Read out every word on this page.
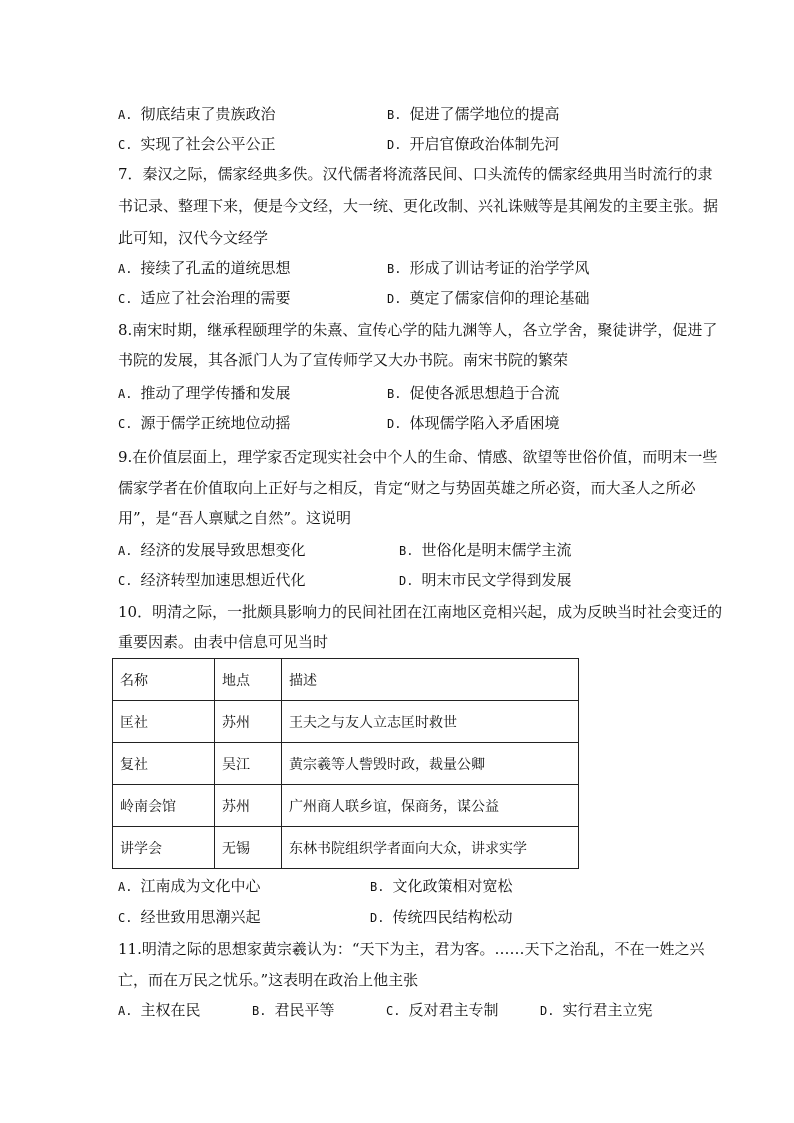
A. 彻底结束了贵族政治	B. 促进了儒学地位的提高
C. 实现了社会公平公正	D. 开启官僚政治体制先河
7．秦汉之际，儒家经典多佚。汉代儒者将流落民间、口头流传的儒家经典用当时流行的隶
书记录、整理下来，便是今文经，大一统、更化改制、兴礼诛贼等是其阐发的主要主张。据
此可知，汉代今文经学
A. 接续了孔孟的道统思想	B. 形成了训诂考证的治学学风
C. 适应了社会治理的需要	D. 奠定了儒家信仰的理论基础
8.南宋时期，继承程颐理学的朱熹、宣传心学的陆九渊等人，各立学舍，聚徒讲学，促进了
书院的发展，其各派门人为了宣传师学又大办书院。南宋书院的繁荣
A. 推动了理学传播和发展	B. 促使各派思想趋于合流
C. 源于儒学正统地位动摇	D. 体现儒学陷入矛盾困境
9.在价值层面上，理学家否定现实社会中个人的生命、情感、欲望等世俗价值，而明末一些
儒家学者在价值取向上正好与之相反，肯定“财之与势固英雄之所必资，而大圣人之所必
用”，是“吾人禀赋之自然”。这说明
A. 经济的发展导致思想变化	B. 世俗化是明末儒学主流
C. 经济转型加速思想近代化	D. 明末市民文学得到发展
10．明清之际，一批颇具影响力的民间社团在江南地区竞相兴起，成为反映当时社会变迁的
重要因素。由表中信息可见当时
名称	地点	描述
匡社	苏州	王夫之与友人立志匡时救世
复社	吴江	黄宗羲等人訾毁时政，裁量公卿
岭南会馆	苏州	广州商人联乡谊，保商务，谋公益
讲学会	无锡	东林书院组织学者面向大众，讲求实学
A. 江南成为文化中心	B. 文化政策相对宽松
C. 经世致用思潮兴起	D. 传统四民结构松动
11.明清之际的思想家黄宗羲认为：“天下为主，君为客。……天下之治乱，不在一姓之兴
亡，而在万民之忧乐。”这表明在政治上他主张
A. 主权在民	B. 君民平等	C. 反对君主专制	D. 实行君主立宪
